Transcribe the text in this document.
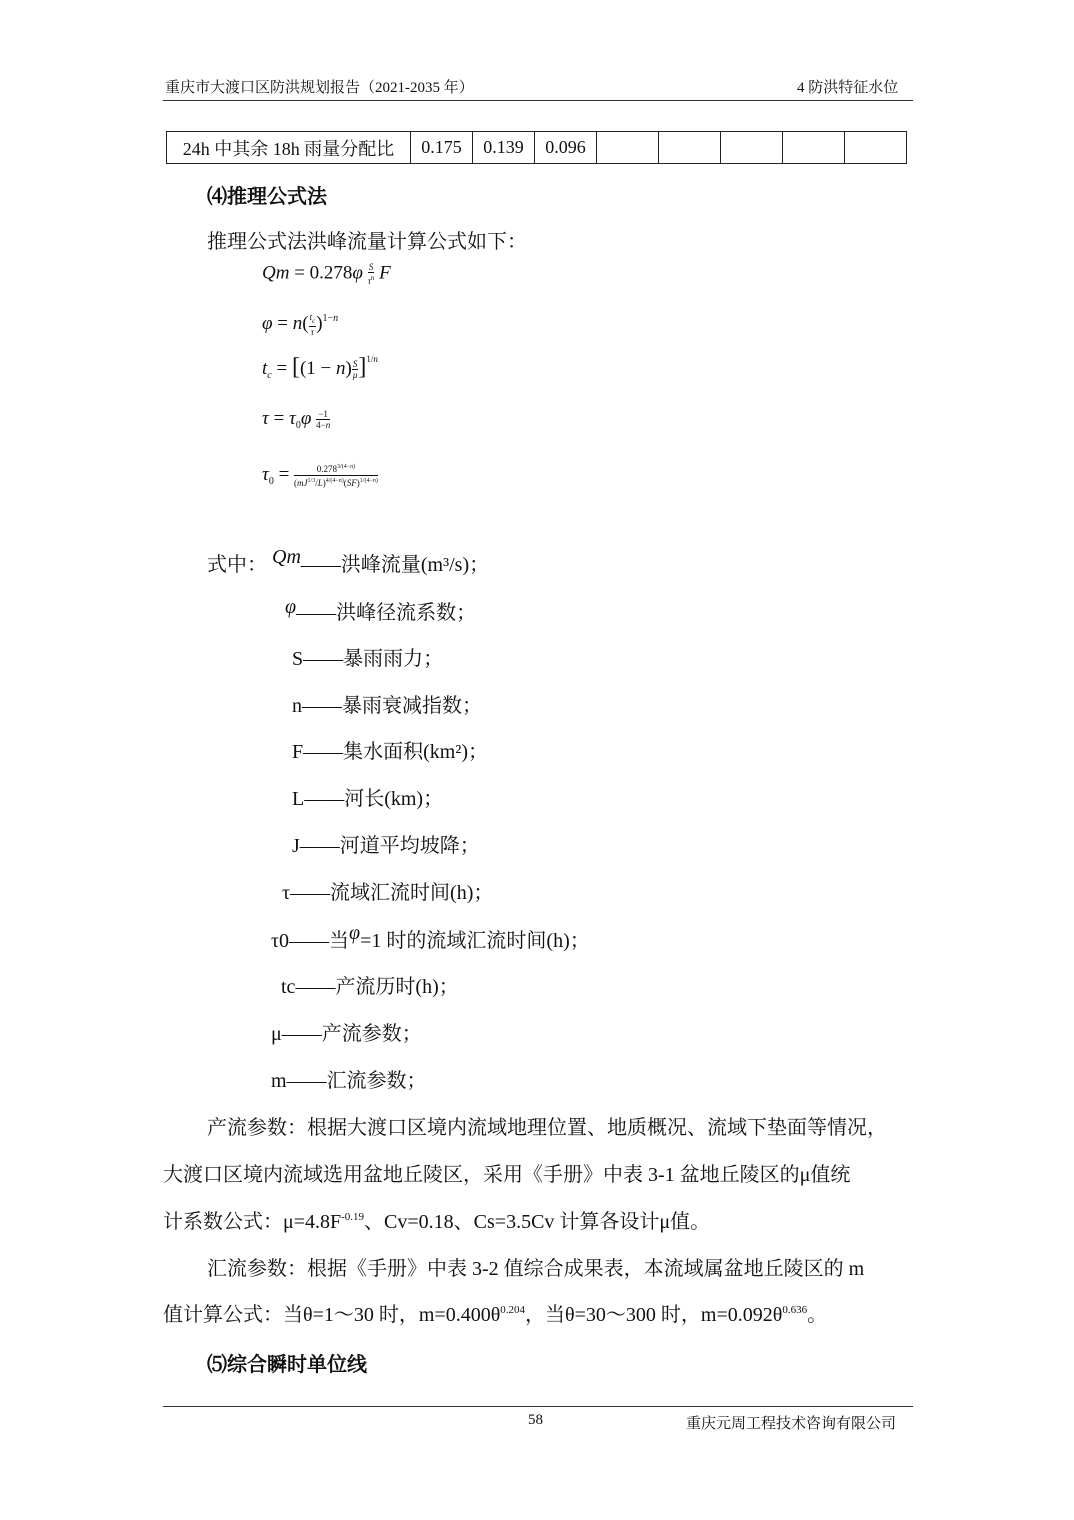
重庆市大渡口区防洪规划报告（2021-2035 年）	4 防洪特征水位
24h 中其余 18h 雨量分配比	0.175	0.139	0.096					
⑷推理公式法
推理公式法洪峰流量计算公式如下：
$Qm = 0.278\varphi \frac{S}{\tau^n}$ F
$\varphi = n( \frac{t_c}{\tau} )^{1-n}$
$t_c = [(1 - n) \frac{S}{\mu} ]^{1/n}$
$\tau = \tau_0\varphi \frac{-1}{4-n}$
$\tau_0 = \frac{0.278^{3/(4-n)}}{(mJ^{1/3}/L)^{4/(4-n)}(SF)^{1/(4-n)}}$
式中： Qm——洪峰流量(m³/s)；
φ——洪峰径流系数；
S——暴雨雨力；
n——暴雨衰减指数；
F——集水面积(km²)；
L——河长(km)；
J——河道平均坡降；
τ——流域汇流时间(h)；
τ0——当φ=1 时的流域汇流时间(h)；
tc——产流历时(h)；
μ——产流参数；
m——汇流参数；
产流参数：根据大渡口区境内流域地理位置、地质概况、流域下垫面等情况，
大渡口区境内流域选用盆地丘陵区，采用《手册》中表 3-1 盆地丘陵区的μ值统
计系数公式：$\mu=4.8F^{-0.19}$、Cv=0.18、Cs=3.5Cv 计算各设计μ值。
汇流参数：根据《手册》中表 3-2 值综合成果表，本流域属盆地丘陵区的 m
值计算公式：当θ=1～30 时，$m=0.400\theta^{0.204}$，当θ=30～300 时，$m=0.092\theta^{0.636}$。
⑸综合瞬时单位线
58	重庆元周工程技术咨询有限公司
